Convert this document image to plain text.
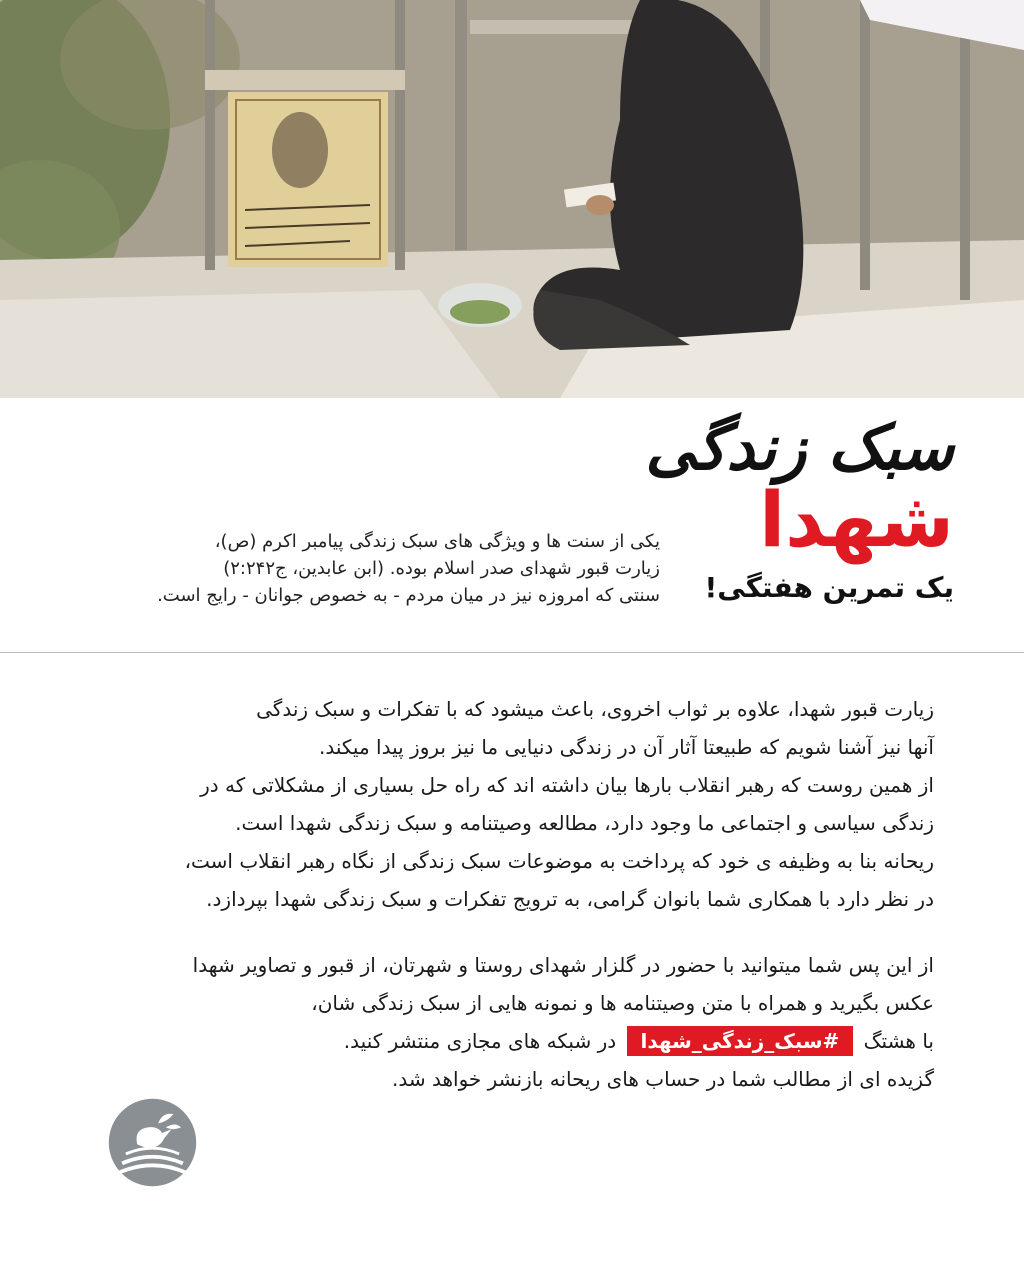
سبک زندگی
شهدا
یک تمرین هفتگی!

یکی از سنت ها و ویژگی های سبک زندگی پیامبر اکرم (ص)،

زیارت قبور شهدای صدر اسلام بوده. (ابن عابدین، ج۲:۲۴۲)

سنتی که امروزه نیز در میان مردم - به خصوص جوانان - رایج است.

زیارت قبور شهدا، علاوه بر ثواب اخروی، باعث میشود که با تفکرات و سبک زندگی

آنها نیز آشنا شویم که طبیعتا آثار آن در زندگی دنیایی ما نیز بروز پیدا میکند.

از همین روست که رهبر انقلاب بارها بیان داشته اند که راه حل بسیاری از مشکلاتی که در

زندگی سیاسی و اجتماعی ما وجود دارد، مطالعه وصیتنامه و سبک زندگی شهدا است.

ریحانه بنا به وظیفه ی خود که پرداخت به موضوعات سبک زندگی از نگاه رهبر انقلاب است،

در نظر دارد با همکاری شما بانوان گرامی، به ترویج تفکرات و سبک زندگی شهدا بپردازد.

از این پس شما میتوانید با حضور در گلزار شهدای روستا و شهرتان، از قبور و تصاویر شهدا

عکس بگیرید و همراه با متن وصیتنامه ها و نمونه هایی از سبک زندگی شان،

با هشتگ #سبک_زندگی_شهدا در شبکه های مجازی منتشر کنید.

گزیده ای از مطالب شما در حساب های ریحانه بازنشر خواهد شد.
